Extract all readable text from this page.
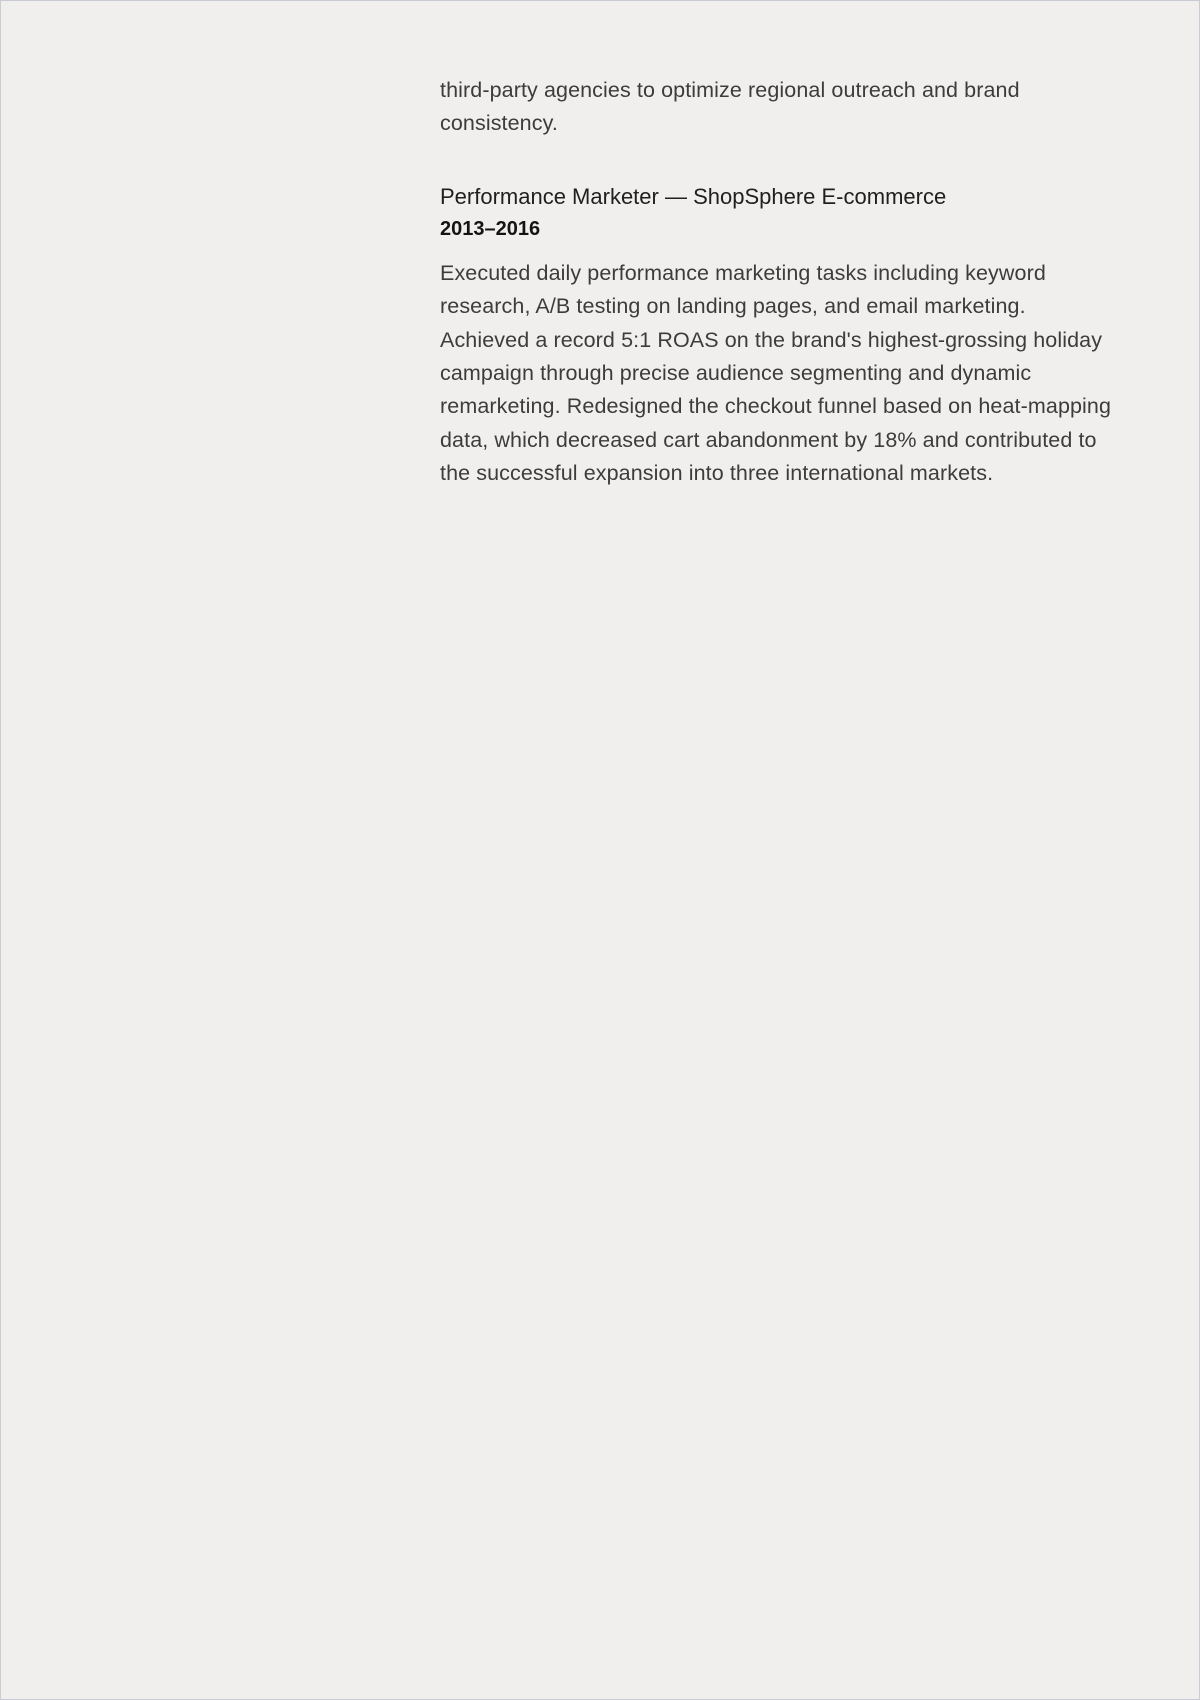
third-party agencies to optimize regional outreach and brand consistency.

Performance Marketer — ShopSphere E-commerce
2013–2016

Executed daily performance marketing tasks including keyword research, A/B testing on landing pages, and email marketing. Achieved a record 5:1 ROAS on the brand's highest-grossing holiday campaign through precise audience segmenting and dynamic remarketing. Redesigned the checkout funnel based on heat-mapping data, which decreased cart abandonment by 18% and contributed to the successful expansion into three international markets.
